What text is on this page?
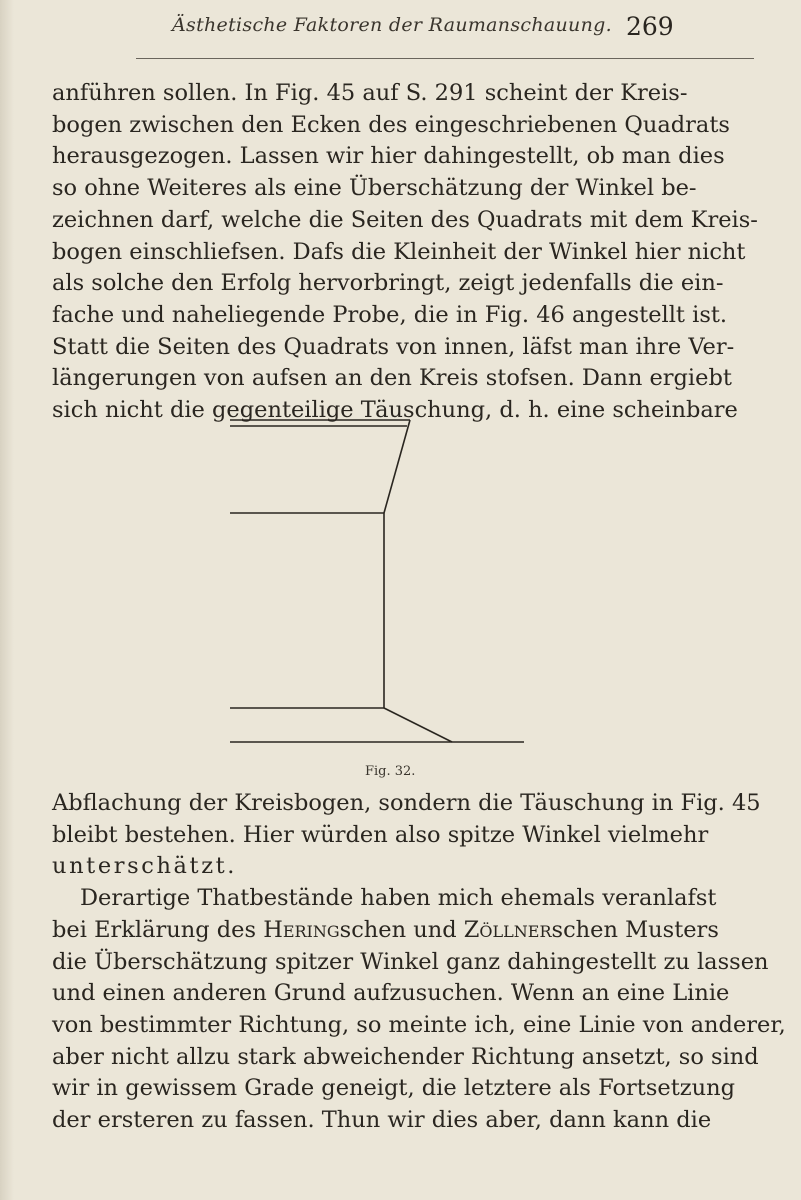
Ästhetische Faktoren der Raumanschauung. 269
anführen sollen. In Fig. 45 auf S. 291 scheint der Kreis-
bogen zwischen den Ecken des eingeschriebenen Quadrats
herausgezogen. Lassen wir hier dahingestellt, ob man dies
so ohne Weiteres als eine Überschätzung der Winkel be-
zeichnen darf, welche die Seiten des Quadrats mit dem Kreis-
bogen einschliefsen. Dafs die Kleinheit der Winkel hier nicht
als solche den Erfolg hervorbringt, zeigt jedenfalls die ein-
fache und naheliegende Probe, die in Fig. 46 angestellt ist.
Statt die Seiten des Quadrats von innen, läfst man ihre Ver-
längerungen von aufsen an den Kreis stofsen. Dann ergiebt
sich nicht die gegenteilige Täuschung, d. h. eine scheinbare
Fig. 32.
Abflachung der Kreisbogen, sondern die Täuschung in Fig. 45
bleibt bestehen. Hier würden also spitze Winkel vielmehr
unterschätzt.
Derartige Thatbestände haben mich ehemals veranlafst
bei Erklärung des Heringschen und Zöllnerschen Musters
die Überschätzung spitzer Winkel ganz dahingestellt zu lassen
und einen anderen Grund aufzusuchen. Wenn an eine Linie
von bestimmter Richtung, so meinte ich, eine Linie von anderer,
aber nicht allzu stark abweichender Richtung ansetzt, so sind
wir in gewissem Grade geneigt, die letztere als Fortsetzung
der ersteren zu fassen. Thun wir dies aber, dann kann die
